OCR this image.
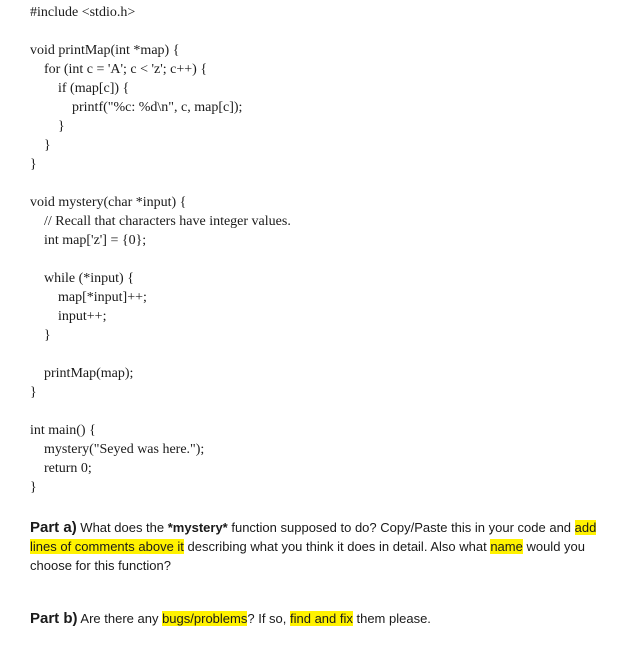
#include <stdio.h>
void printMap(int *map) {
for (int c = 'A'; c < 'z'; c++) {
if (map[c]) {
printf("%c: %d\n", c, map[c]);
}
}
}
void mystery(char *input) {
// Recall that characters have integer values.
int map['z'] = {0};
while (*input) {
map[*input]++;
input++;
}
printMap(map);
}
int main() {
mystery("Seyed was here.");
return 0;
}
Part a) What does the *mystery* function supposed to do? Copy/Paste this in your code and add lines of comments above it describing what you think it does in detail. Also what name would you choose for this function?
Part b) Are there any bugs/problems? If so, find and fix them please.
